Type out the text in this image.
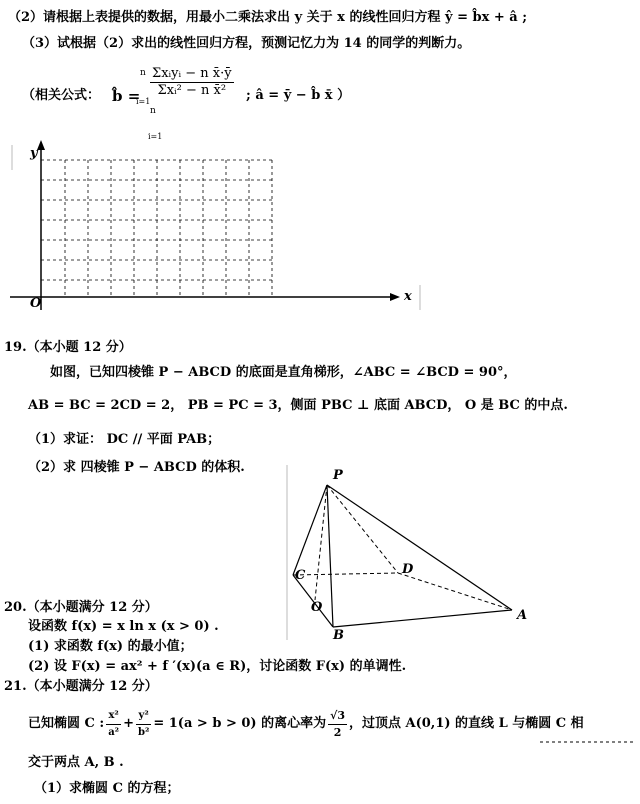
（2）请根据上表提供的数据，用最小二乘法求出 y 关于 x 的线性回归方程 ŷ = b̂x + â ;
（3）试根据（2）求出的线性回归方程，预测记忆力为 14 的同学的判断力。
（相关公式： b̂ = $\frac{\text{Σxᵢyᵢ − n x̄·ȳ}}{\text{Σxᵢ² − n x̄²}}$
n
i=1
n
i=1
; â = ȳ − b̂ x̄ ）
y
x
O
19.（本小题 12 分）
如图，已知四棱锥 P − ABCD 的底面是直角梯形，∠ABC = ∠BCD = 90°，
AB = BC = 2CD = 2， PB = PC = 3，侧面 PBC ⊥ 底面 ABCD， O 是 BC 的中点.
（1）求证： DC // 平面 PAB；
（2）求 四棱锥 P − ABCD 的体积.
P
C	D
O
B
A
20.（本小题满分 12 分）
设函数 f(x) = x ln x (x > 0) .
(1) 求函数 f(x) 的最小值；
(2) 设 F(x) = ax² + f ′(x)(a ∈ R)，讨论函数 F(x) 的单调性.
21.（本小题满分 12 分）
已知椭圆 C : $\frac{\text{x²}}{\text{a²}} + \frac{\text{y²}}{\text{b²}} = 1(a > b > 0)$ 的离心率为 $\frac{√3}{2}$ ，过顶点 A(0,1) 的直线 L 与椭圆 C 相
交于两点 A, B .
（1）求椭圆 C 的方程；
